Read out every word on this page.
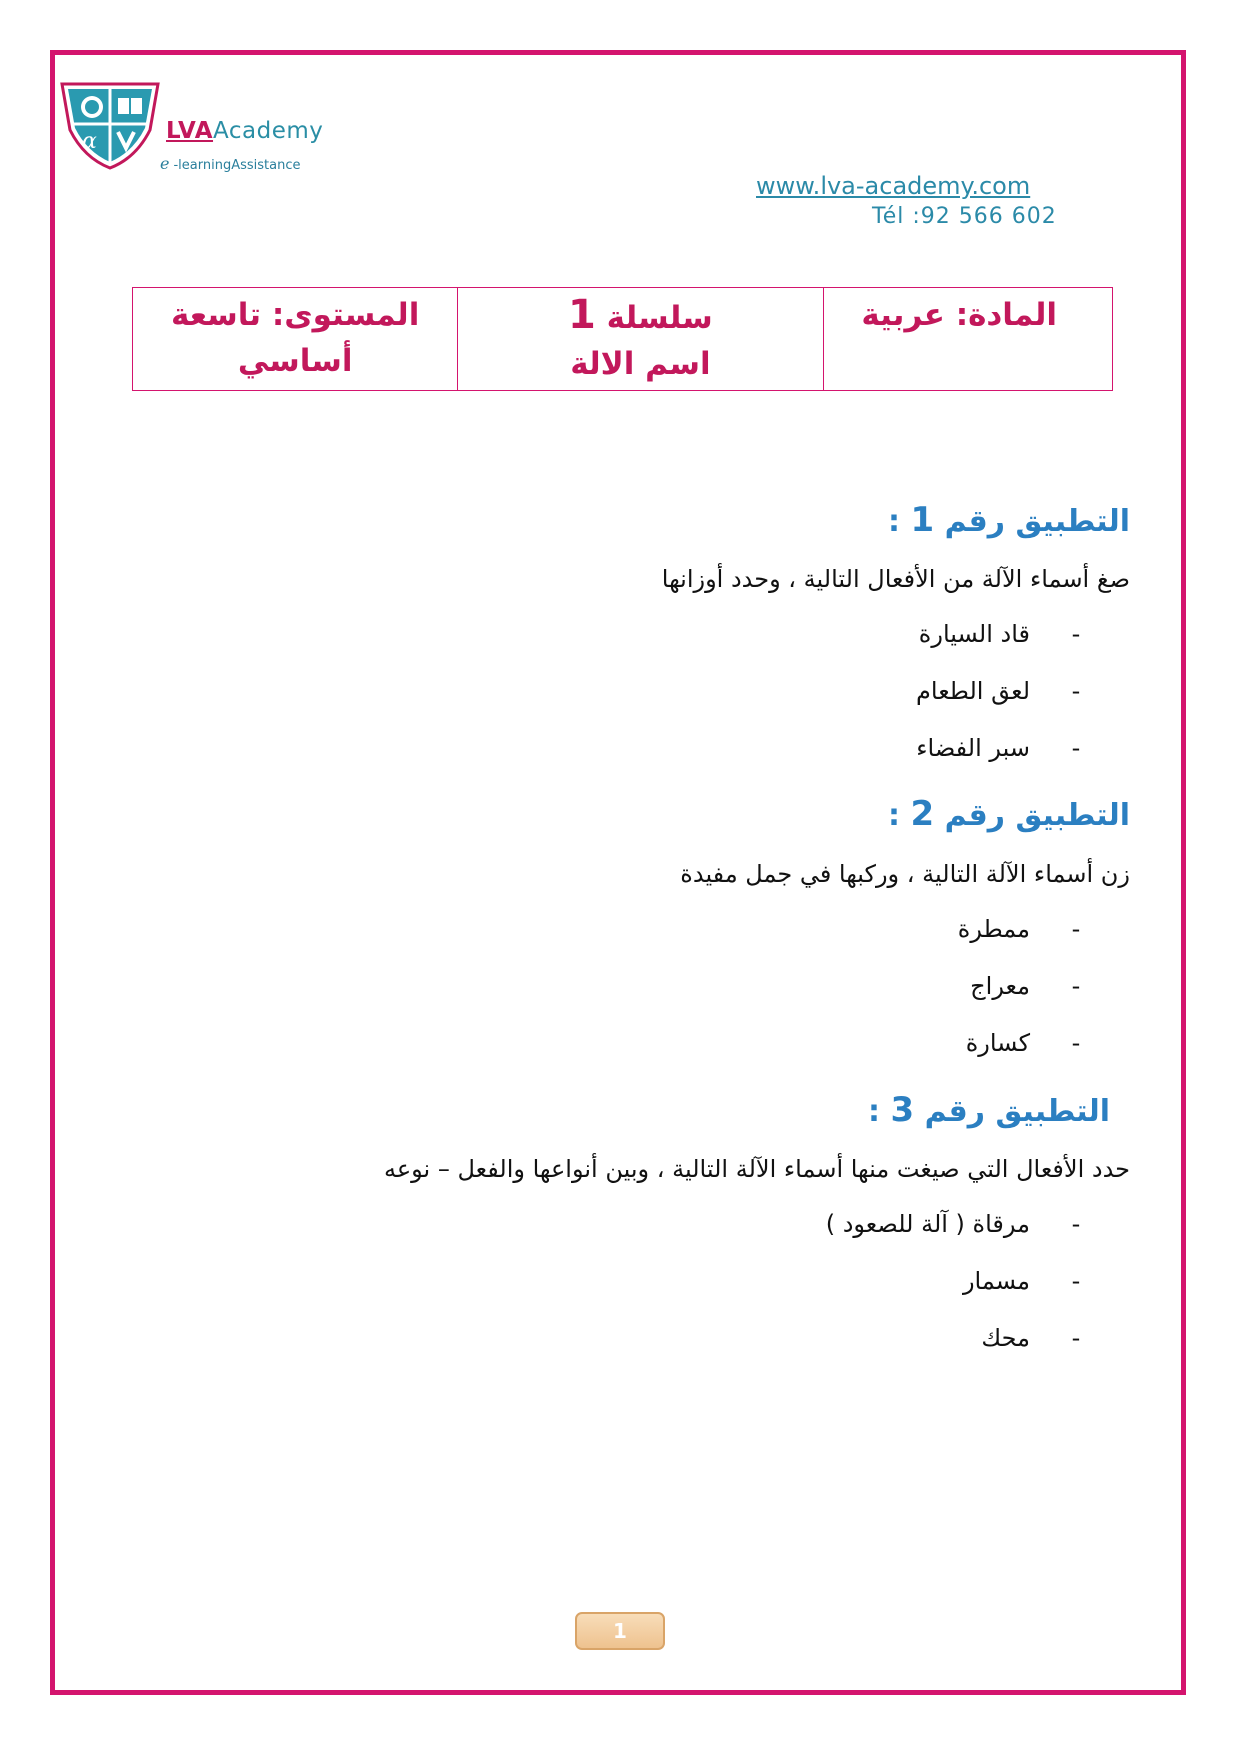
α	LVAAcademy
e -learningAssistance
www.lva-academy.com
Tél :92 566 602
المستوى: تاسعة
أساسي
سلسلة 1
اسم الالة
المادة: عربية
التطبيق رقم 1 :
صغ أسماء الآلة من الأفعال التالية ، وحدد أوزانها
-
قاد السيارة
-
لعق الطعام
-
سبر الفضاء
التطبيق رقم 2 :
زن أسماء الآلة التالية ، وركبها في جمل مفيدة
-
ممطرة
-
معراج
-
كسارة
التطبيق رقم 3 :
حدد الأفعال التي صيغت منها أسماء الآلة التالية ، وبين أنواعها والفعل – نوعه
-
مرقاة ( آلة للصعود )
-
مسمار
-
محك
1
